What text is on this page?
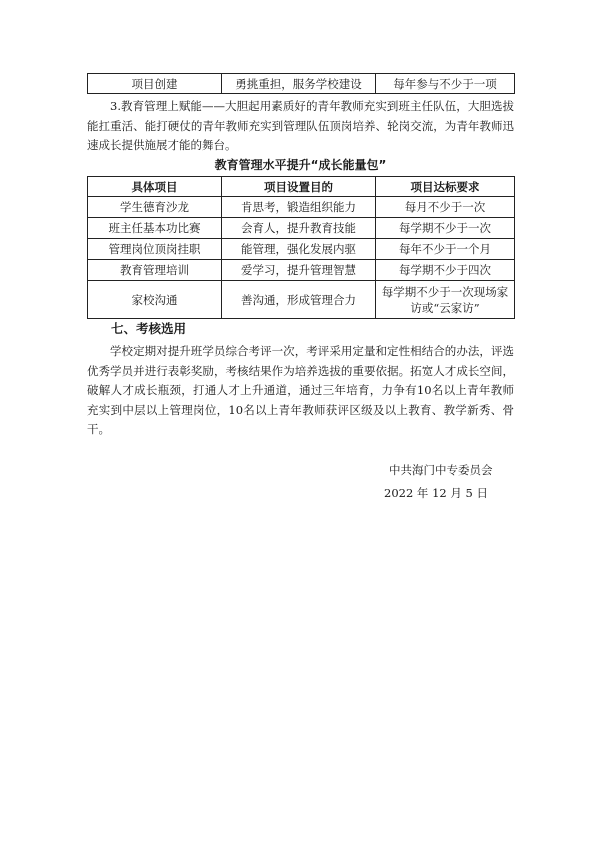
项目创建	勇挑重担，服务学校建设	每年参与不少于一项

3.教育管理上赋能——大胆起用素质好的青年教师充实到班主任队伍，大胆选拔能扛重活、能打硬仗的青年教师充实到管理队伍顶岗培养、轮岗交流，为青年教师迅速成长提供施展才能的舞台。

教育管理水平提升“成长能量包”
具体项目	项目设置目的	项目达标要求
学生德育沙龙	肯思考，锻造组织能力	每月不少于一次
班主任基本功比赛	会育人，提升教育技能	每学期不少于一次
管理岗位顶岗挂职	能管理，强化发展内驱	每年不少于一个月
教育管理培训	爱学习，提升管理智慧	每学期不少于四次
家校沟通	善沟通，形成管理合力	每学期不少于一次现场家访或“云家访”
七、考核选用

学校定期对提升班学员综合考评一次，考评采用定量和定性相结合的办法，评选优秀学员并进行表彰奖励，考核结果作为培养选拔的重要依据。拓宽人才成长空间，破解人才成长瓶颈，打通人才上升通道，通过三年培育，力争有10名以上青年教师充实到中层以上管理岗位，10名以上青年教师获评区级及以上教育、教学新秀、骨干。

中共海门中专委员会
2022 年 12 月 5 日
